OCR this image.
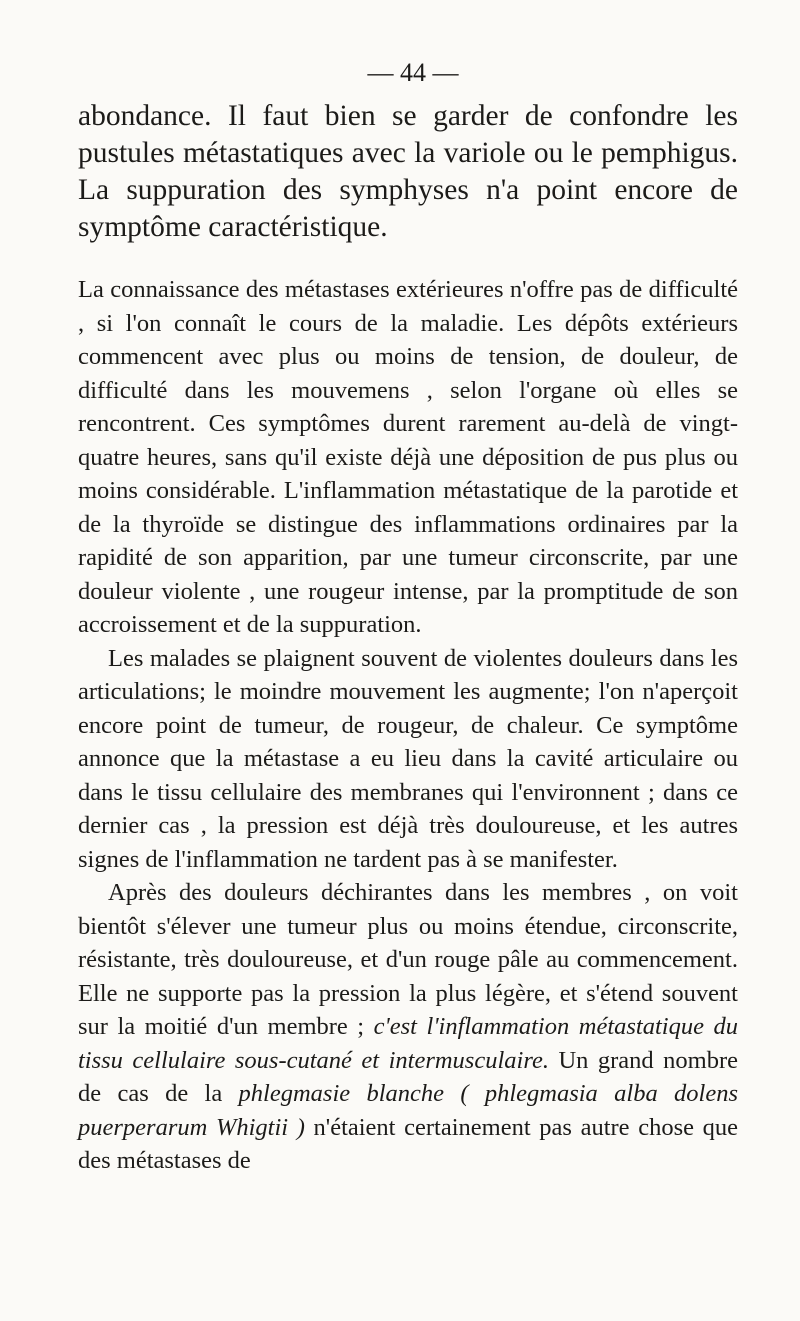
— 44 —

abondance. Il faut bien se garder de confondre les pustules métastatiques avec la variole ou le pemphigus. La suppuration des symphyses n'a point encore de symptôme caractéristique.

La connaissance des métastases extérieures n'offre pas de difficulté , si l'on connaît le cours de la maladie. Les dépôts extérieurs commencent avec plus ou moins de tension, de douleur, de difficulté dans les mouvemens , selon l'organe où elles se rencontrent. Ces symptômes durent rarement au-delà de vingt-quatre heures, sans qu'il existe déjà une déposition de pus plus ou moins considérable. L'inflammation métastatique de la parotide et de la thyroïde se distingue des inflammations ordinaires par la rapidité de son apparition, par une tumeur circonscrite, par une douleur violente , une rougeur intense, par la promptitude de son accroissement et de la suppuration.

Les malades se plaignent souvent de violentes douleurs dans les articulations; le moindre mouvement les augmente; l'on n'aperçoit encore point de tumeur, de rougeur, de chaleur. Ce symptôme annonce que la métastase a eu lieu dans la cavité articulaire ou dans le tissu cellulaire des membranes qui l'environnent ; dans ce dernier cas , la pression est déjà très douloureuse, et les autres signes de l'inflammation ne tardent pas à se manifester.

Après des douleurs déchirantes dans les membres , on voit bientôt s'élever une tumeur plus ou moins étendue, circonscrite, résistante, très douloureuse, et d'un rouge pâle au commencement. Elle ne supporte pas la pression la plus légère, et s'étend souvent sur la moitié d'un membre ; c'est l'inflammation métastatique du tissu cellulaire sous-cutané et intermusculaire. Un grand nombre de cas de la phlegmasie blanche ( phlegmasia alba dolens puerperarum Whigtii ) n'étaient certainement pas autre chose que des métastases de
